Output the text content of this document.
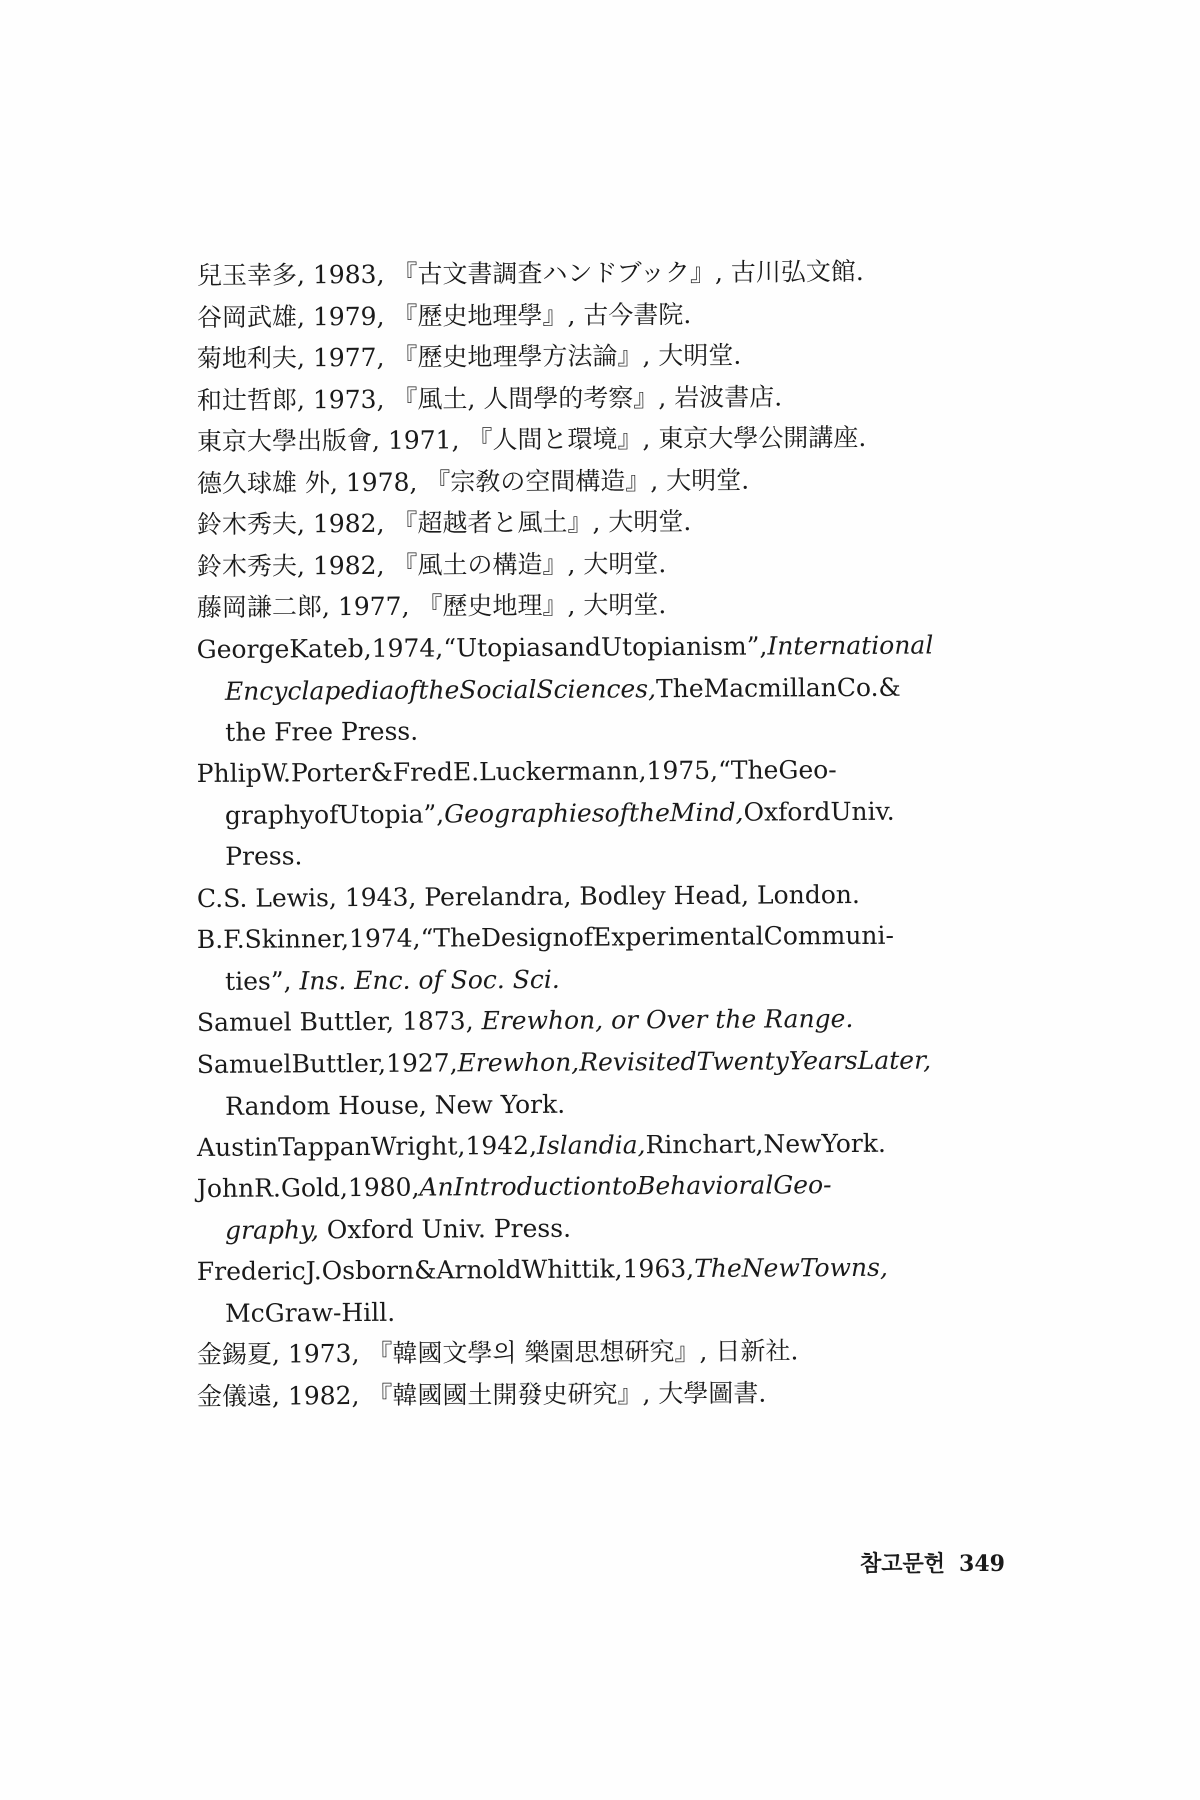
兒玉幸多, 1983, 『古文書調査ハンドブック』, 古川弘文館.
谷岡武雄, 1979, 『歷史地理學』, 古今書院.
菊地利夫, 1977, 『歷史地理學方法論』, 大明堂.
和辻哲郞, 1973, 『風土, 人間學的考察』, 岩波書店.
東京大學出版會, 1971, 『人間と環境』, 東京大學公開講座.
德久球雄 外, 1978, 『宗敎の空間構造』, 大明堂.
鈴木秀夫, 1982, 『超越者と風土』, 大明堂.
鈴木秀夫, 1982, 『風土の構造』, 大明堂.
藤岡謙二郞, 1977, 『歷史地理』, 大明堂.
GeorgeKateb,1974,“UtopiasandUtopianism”,International
EncyclapediaoftheSocialSciences,TheMacmillanCo.&
the Free Press.
PhlipW.Porter&FredE.Luckermann,1975,“TheGeo-
graphyofUtopia”,GeographiesoftheMind,OxfordUniv.
Press.
C.S. Lewis, 1943, Perelandra, Bodley Head, London.
B.F.Skinner,1974,“TheDesignofExperimentalCommuni-
ties”, Ins. Enc. of Soc. Sci.
Samuel Buttler, 1873, Erewhon, or Over the Range.
SamuelButtler,1927,Erewhon,RevisitedTwentyYearsLater,
Random House, New York.
AustinTappanWright,1942,Islandia,Rinchart,NewYork.
JohnR.Gold,1980,AnIntroductiontoBehavioralGeo-
graphy, Oxford Univ. Press.
FredericJ.Osborn&ArnoldWhittik,1963,TheNewTowns,
McGraw-Hill.
金錫夏, 1973, 『韓國文學의 樂園思想硏究』, 日新社.
金儀遠, 1982, 『韓國國土開發史硏究』, 大學圖書.
참고문헌 349
